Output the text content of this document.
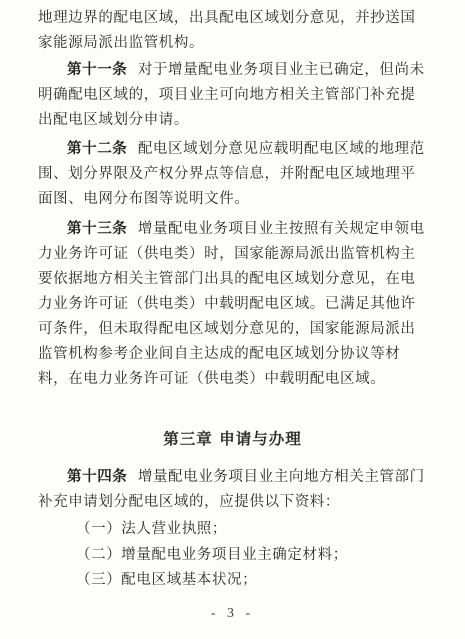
地理边界的配电区域，出具配电区域划分意见，并抄送国家能源局派出监管机构。

第十一条 对于增量配电业务项目业主已确定，但尚未明确配电区域的，项目业主可向地方相关主管部门补充提出配电区域划分申请。

第十二条 配电区域划分意见应载明配电区域的地理范围、划分界限及产权分界点等信息，并附配电区域地理平面图、电网分布图等说明文件。

第十三条 增量配电业务项目业主按照有关规定申领电力业务许可证（供电类）时，国家能源局派出监管机构主要依据地方相关主管部门出具的配电区域划分意见，在电力业务许可证（供电类）中载明配电区域。已满足其他许可条件，但未取得配电区域划分意见的，国家能源局派出监管机构参考企业间自主达成的配电区域划分协议等材料，在电力业务许可证（供电类）中载明配电区域。

第三章 申请与办理

第十四条 增量配电业务项目业主向地方相关主管部门补充申请划分配电区域的，应提供以下资料：

（一）法人营业执照；

（二）增量配电业务项目业主确定材料；

（三）配电区域基本状况；

- 3 -
